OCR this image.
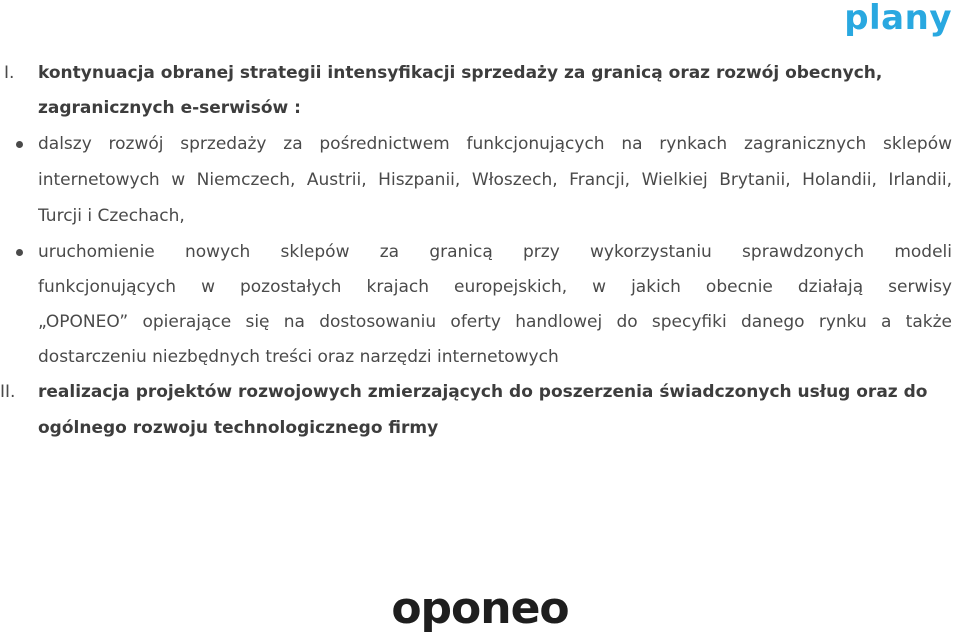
plany
I. kontynuacja obranej strategii intensyfikacji sprzedaży za granicą oraz rozwój obecnych,
zagranicznych e-serwisów :
dalszy rozwój sprzedaży za pośrednictwem funkcjonujących na rynkach zagranicznych sklepów
internetowych w Niemczech, Austrii, Hiszpanii, Włoszech, Francji, Wielkiej Brytanii, Holandii, Irlandii,
Turcji i Czechach,
uruchomienie nowych sklepów za granicą przy wykorzystaniu sprawdzonych modeli
funkcjonujących w pozostałych krajach europejskich, w jakich obecnie działają serwisy
„OPONEO” opierające się na dostosowaniu oferty handlowej do specyfiki danego rynku a także
dostarczeniu niezbędnych treści oraz narzędzi internetowych
II. realizacja projektów rozwojowych zmierzających do poszerzenia świadczonych usług oraz do
ogólnego rozwoju technologicznego firmy
oponeo
